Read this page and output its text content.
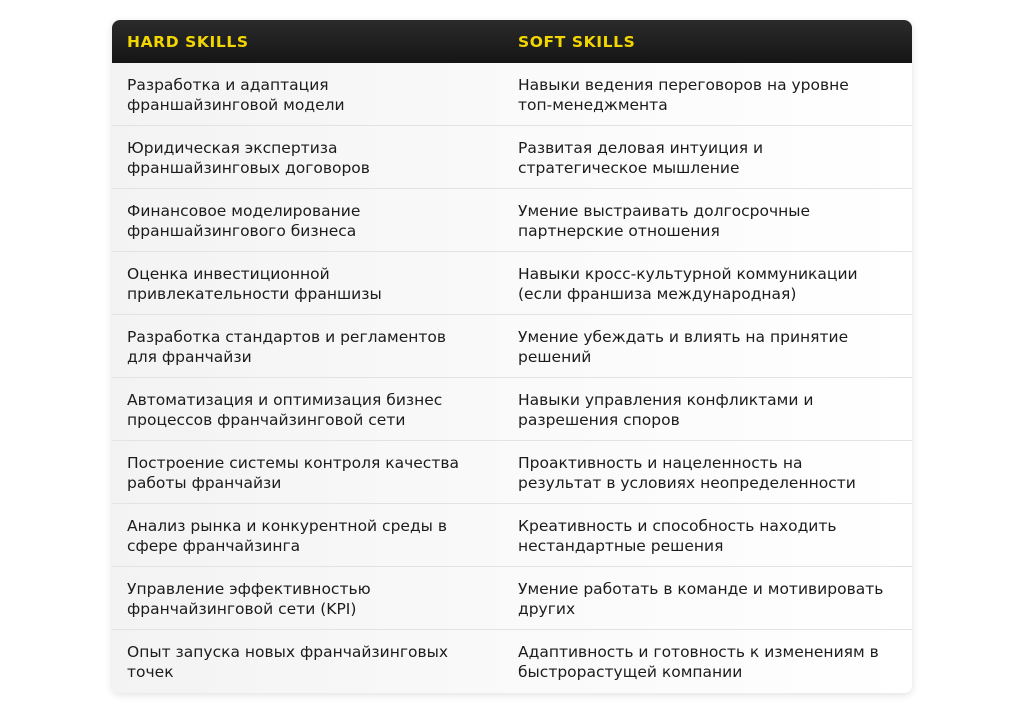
HARD SKILLS	SOFT SKILLS
Разработка и адаптация
франшайзинговой модели
Навыки ведения переговоров на уровне
топ-менеджмента
Юридическая экспертиза
франшайзинговых договоров
Развитая деловая интуиция и
стратегическое мышление
Финансовое моделирование
франшайзингового бизнеса
Умение выстраивать долгосрочные
партнерские отношения
Оценка инвестиционной
привлекательности франшизы
Навыки кросс-культурной коммуникации
(если франшиза международная)
Разработка стандартов и регламентов
для франчайзи
Умение убеждать и влиять на принятие
решений
Автоматизация и оптимизация бизнес
процессов франчайзинговой сети
Навыки управления конфликтами и
разрешения споров
Построение системы контроля качества
работы франчайзи
Проактивность и нацеленность на
результат в условиях неопределенности
Анализ рынка и конкурентной среды в
сфере франчайзинга
Креативность и способность находить
нестандартные решения
Управление эффективностью
франчайзинговой сети (KPI)
Умение работать в команде и мотивировать
других
Опыт запуска новых франчайзинговых
точек
Адаптивность и готовность к изменениям в
быстрорастущей компании
